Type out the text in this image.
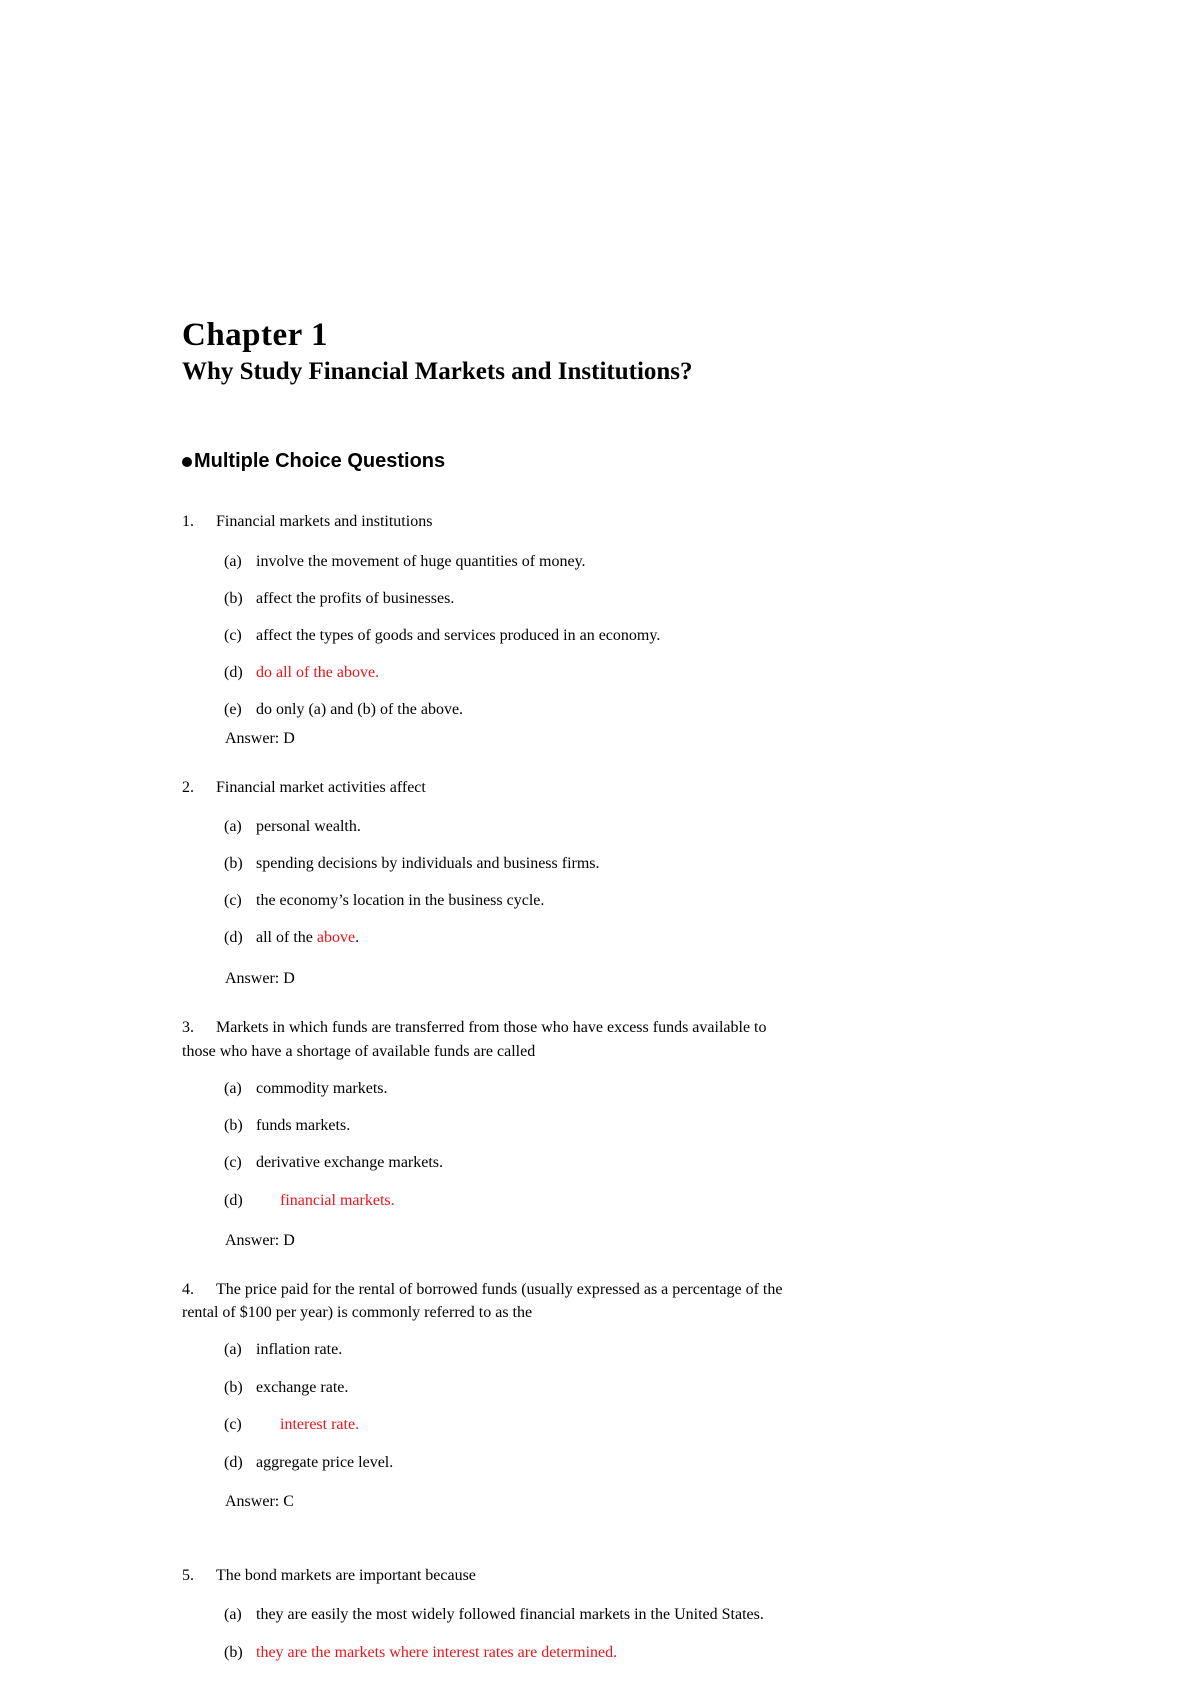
Chapter 1
Why Study Financial Markets and Institutions?
Multiple Choice Questions
1. Financial markets and institutions
(a) involve the movement of huge quantities of money.
(b) affect the profits of businesses.
(c) affect the types of goods and services produced in an economy.
(d) do all of the above.
(e) do only (a) and (b) of the above.
Answer: D
2. Financial market activities affect
(a) personal wealth.
(b) spending decisions by individuals and business firms.
(c) the economy’s location in the business cycle.
(d) all of the above.
Answer: D
3. Markets in which funds are transferred from those who have excess funds available to
those who have a shortage of available funds are called
(a) commodity markets.
(b) funds markets.
(c) derivative exchange markets.
(d) financial markets.
Answer: D
4. The price paid for the rental of borrowed funds (usually expressed as a percentage of the
rental of $100 per year) is commonly referred to as the
(a) inflation rate.
(b) exchange rate.
(c) interest rate.
(d) aggregate price level.
Answer: C
5. The bond markets are important because
(a) they are easily the most widely followed financial markets in the United States.
(b) they are the markets where interest rates are determined.
